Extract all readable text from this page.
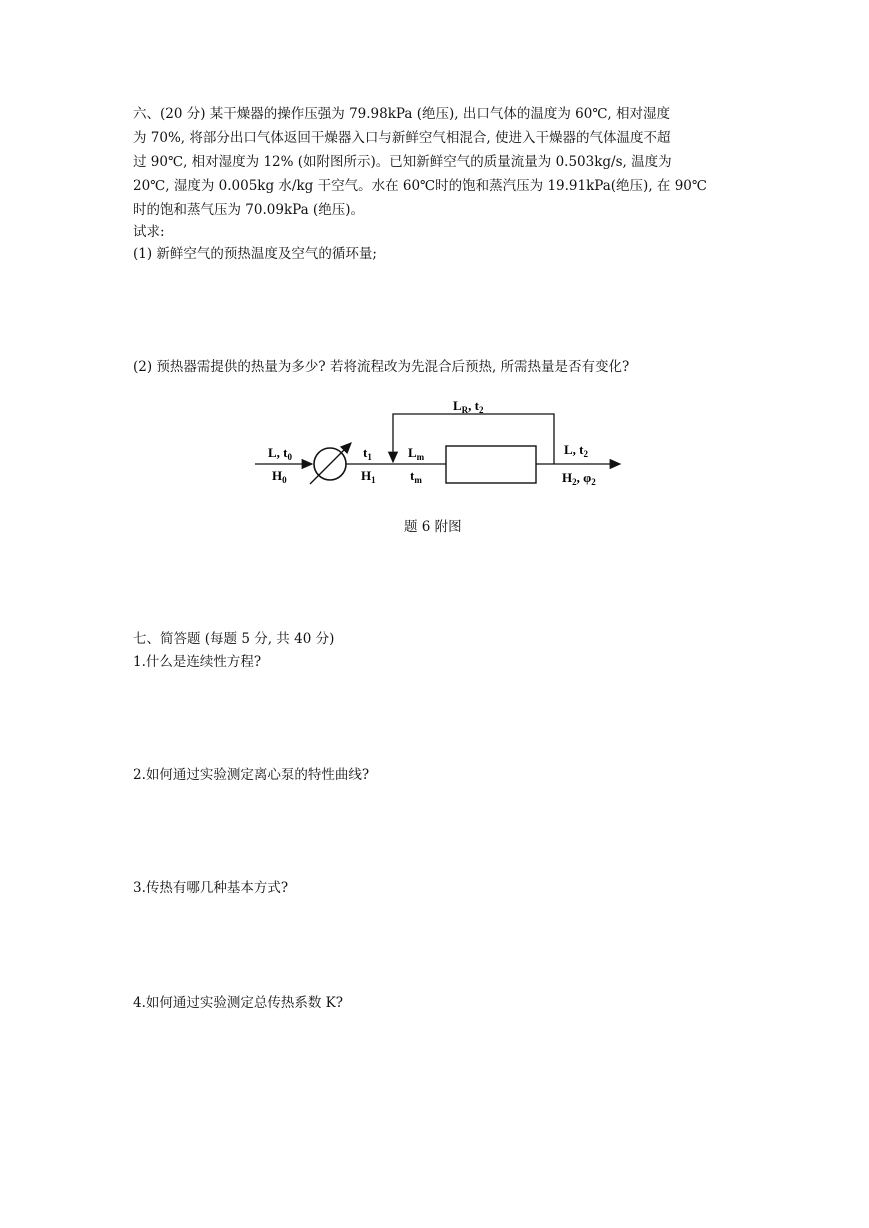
六、(20 分) 某干燥器的操作压强为 79.98kPa (绝压), 出口气体的温度为 60℃, 相对湿度
为 70%, 将部分出口气体返回干燥器入口与新鲜空气相混合, 使进入干燥器的气体温度不超
过 90℃, 相对湿度为 12% (如附图所示)。已知新鲜空气的质量流量为 0.503kg/s, 温度为
20℃, 湿度为 0.005kg 水/kg 干空气。水在 60℃时的饱和蒸汽压为 19.91kPa(绝压), 在 90℃
时的饱和蒸气压为 70.09kPa (绝压)。
试求:
(1) 新鲜空气的预热温度及空气的循环量;
(2) 预热器需提供的热量为多少? 若将流程改为先混合后预热, 所需热量是否有变化?
$L_R$, $t_2$
L, $t_0$
$H_0$
$t_1$
$H_1$
$L_m$
$t_m$
L, $t_2$
$H_2$, $\varphi_2$
题 6 附图
七、简答题 (每题 5 分, 共 40 分)
1.什么是连续性方程?
2.如何通过实验测定离心泵的特性曲线?
3.传热有哪几种基本方式?
4.如何通过实验测定总传热系数 K?
